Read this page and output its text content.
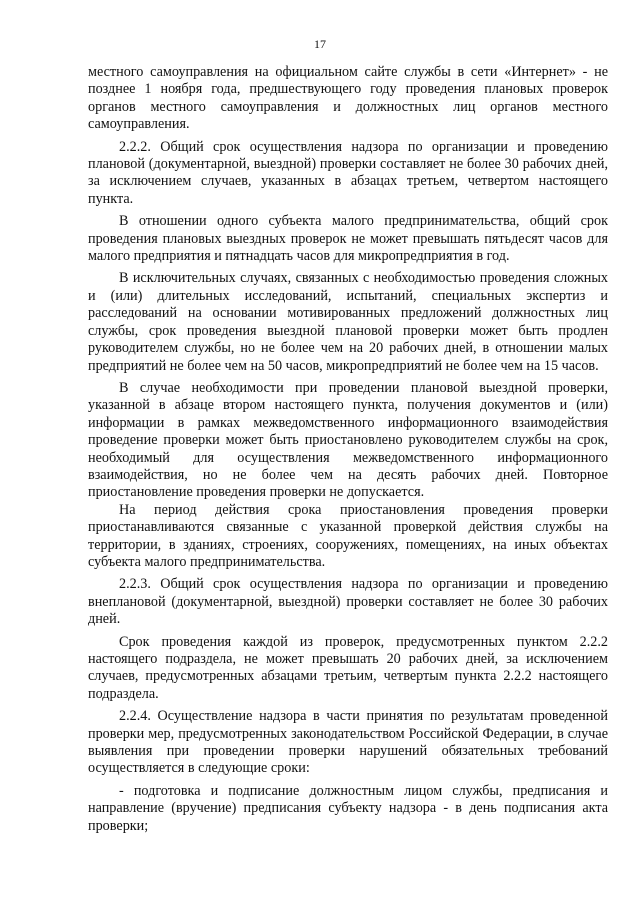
17

местного самоуправления на официальном сайте службы в сети «Интернет» - не позднее 1 ноября года, предшествующего году проведения плановых проверок органов местного самоуправления и должностных лиц органов местного самоуправления.

2.2.2. Общий срок осуществления надзора по организации и проведению плановой (документарной, выездной) проверки составляет не более 30 рабочих дней, за исключением случаев, указанных в абзацах третьем, четвертом настоящего пункта.

В отношении одного субъекта малого предпринимательства, общий срок проведения плановых выездных проверок не может превышать пятьдесят часов для малого предприятия и пятнадцать часов для микропредприятия в год.

В исключительных случаях, связанных с необходимостью проведения сложных и (или) длительных исследований, испытаний, специальных экспертиз и расследований на основании мотивированных предложений должностных лиц службы, срок проведения выездной плановой проверки может быть продлен руководителем службы, но не более чем на 20 рабочих дней, в отношении малых предприятий не более чем на 50 часов, микропредприятий не более чем на 15 часов.

В случае необходимости при проведении плановой выездной проверки, указанной в абзаце втором настоящего пункта, получения документов и (или) информации в рамках межведомственного информационного взаимодействия проведение проверки может быть приостановлено руководителем службы на срок, необходимый для осуществления межведомственного информационного взаимодействия, но не более чем на десять рабочих дней. Повторное приостановление проведения проверки не допускается.

На период действия срока приостановления проведения проверки приостанавливаются связанные с указанной проверкой действия службы на территории, в зданиях, строениях, сооружениях, помещениях, на иных объектах субъекта малого предпринимательства.

2.2.3. Общий срок осуществления надзора по организации и проведению внеплановой (документарной, выездной) проверки составляет не более 30 рабочих дней.

Срок проведения каждой из проверок, предусмотренных пунктом 2.2.2 настоящего подраздела, не может превышать 20 рабочих дней, за исключением случаев, предусмотренных абзацами третьим, четвертым пункта 2.2.2 настоящего подраздела.

2.2.4. Осуществление надзора в части принятия по результатам проведенной проверки мер, предусмотренных законодательством Российской Федерации, в случае выявления при проведении проверки нарушений обязательных требований осуществляется в следующие сроки:

- подготовка и подписание должностным лицом службы, предписания и направление (вручение) предписания субъекту надзора - в день подписания акта проверки;
